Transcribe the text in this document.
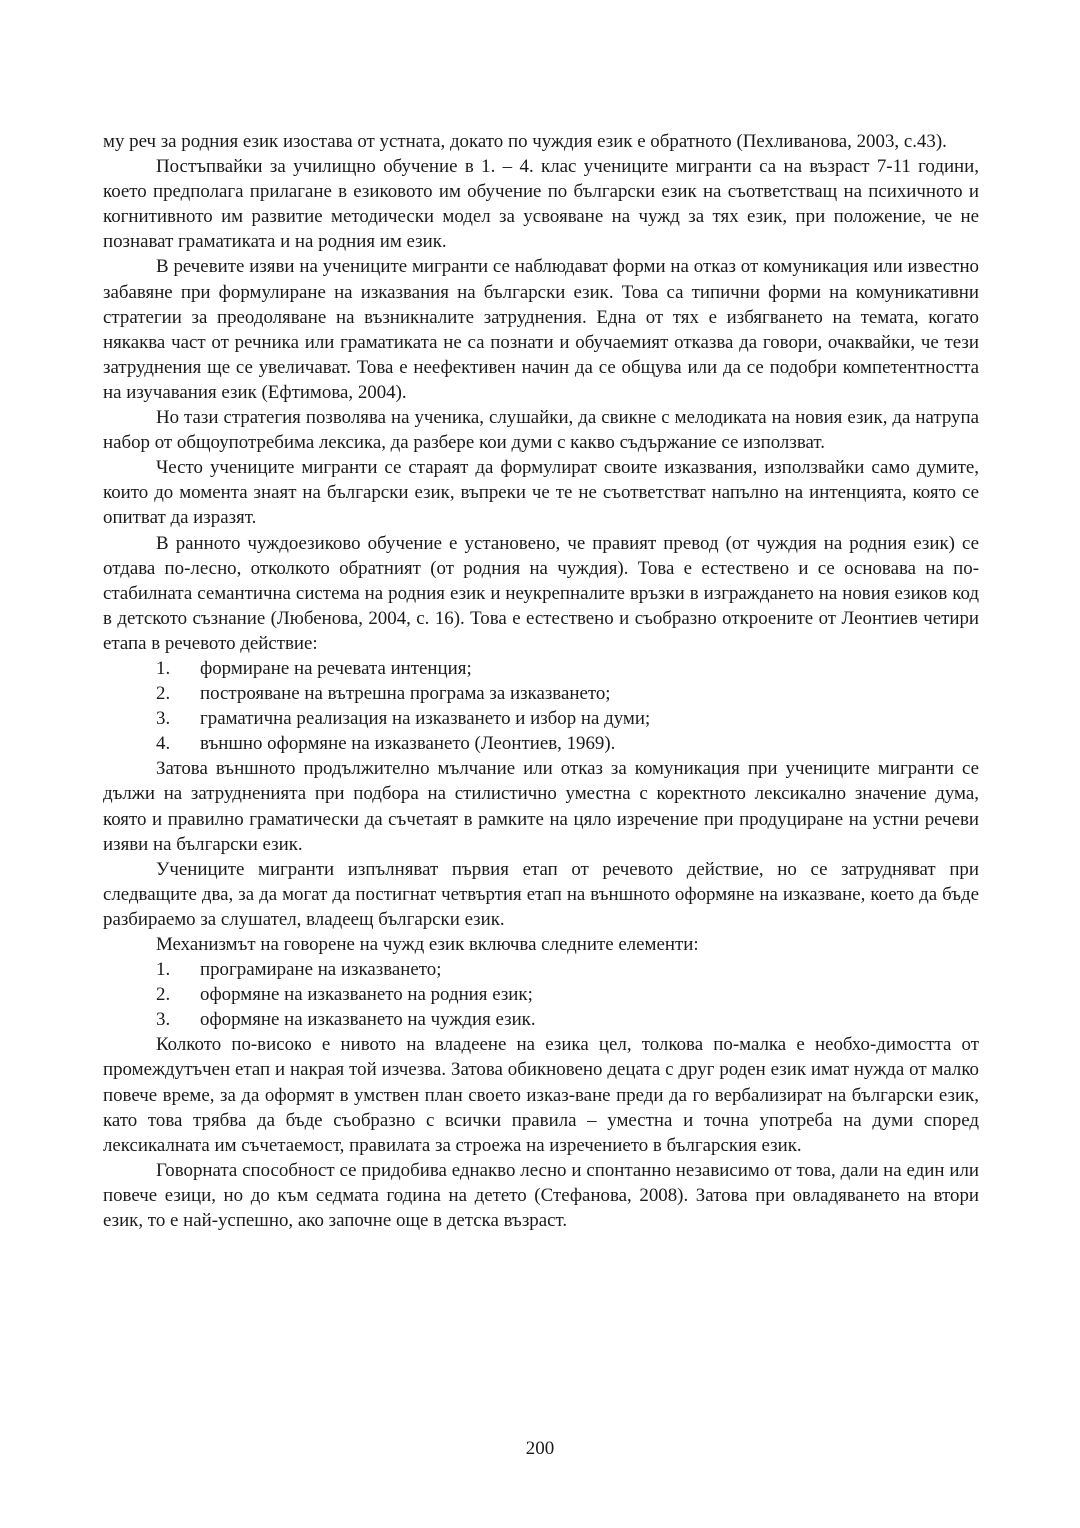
му реч за родния език изостава от устната, докато по чуждия език е обратното (Пехливанова, 2003, с.43).

Постъпвайки за училищно обучение в 1. – 4. клас учениците мигранти са на възраст 7-11 години, което предполага прилагане в езиковото им обучение по български език на съответстващ на психичното и когнитивното им развитие методически модел за усвояване на чужд за тях език, при положение, че не познават граматиката и на родния им език.

В речевите изяви на учениците мигранти се наблюдават форми на отказ от комуникация или известно забавяне при формулиране на изказвания на български език. Това са типични форми на комуникативни стратегии за преодоляване на възникналите затруднения. Една от тях е избягването на темата, когато някаква част от речника или граматиката не са познати и обучаемият отказва да говори, очаквайки, че тези затруднения ще се увеличават. Това е неефективен начин да се общува или да се подобри компетентността на изучавания език (Ефтимова, 2004).

Но тази стратегия позволява на ученика, слушайки, да свикне с мелодиката на новия език, да натрупа набор от общоупотребима лексика, да разбере кои думи с какво съдържание се използват.

Често учениците мигранти се стараят да формулират своите изказвания, използвайки само думите, които до момента знаят на български език, въпреки че те не съответстват напълно на интенцията, която се опитват да изразят.

В ранното чуждоезиково обучение е установено, че правият превод (от чуждия на родния език) се отдава по-лесно, отколкото обратният (от родния на чуждия). Това е естествено и се основава на по-стабилната семантична система на родния език и неукрепналите връзки в изграждането на новия езиков код в детското съзнание (Любенова, 2004, с. 16). Това е естествено и съобразно откроените от Леонтиев четири етапа в речевото действие:

1. формиране на речевата интенция;
2. построяване на вътрешна програма за изказването;
3. граматична реализация на изказването и избор на думи;
4. външно оформяне на изказването (Леонтиев, 1969).

Затова външното продължително мълчание или отказ за комуникация при учениците мигранти се дължи на затрудненията при подбора на стилистично уместна с коректното лексикално значение дума, която и правилно граматически да съчетаят в рамките на цяло изречение при продуциране на устни речеви изяви на български език.

Учениците мигранти изпълняват първия етап от речевото действие, но се затрудняват при следващите два, за да могат да постигнат четвъртия етап на външното оформяне на изказване, което да бъде разбираемо за слушател, владеещ български език.

Механизмът на говорене на чужд език включва следните елементи:

1. програмиране на изказването;
2. оформяне на изказването на родния език;
3. оформяне на изказването на чуждия език.

Колкото по-високо е нивото на владеене на езика цел, толкова по-малка е необхо-димостта от промеждутъчен етап и накрая той изчезва. Затова обикновено децата с друг роден език имат нужда от малко повече време, за да оформят в умствен план своето изказ-ване преди да го вербализират на български език, като това трябва да бъде съобразно с всички правила – уместна и точна употреба на думи според лексикалната им съчетаемост, правилата за строежа на изречението в българския език.

Говорната способност се придобива еднакво лесно и спонтанно независимо от това, дали на един или повече езици, но до към седмата година на детето (Стефанова, 2008). Затова при овладяването на втори език, то е най-успешно, ако започне още в детска възраст.

200
